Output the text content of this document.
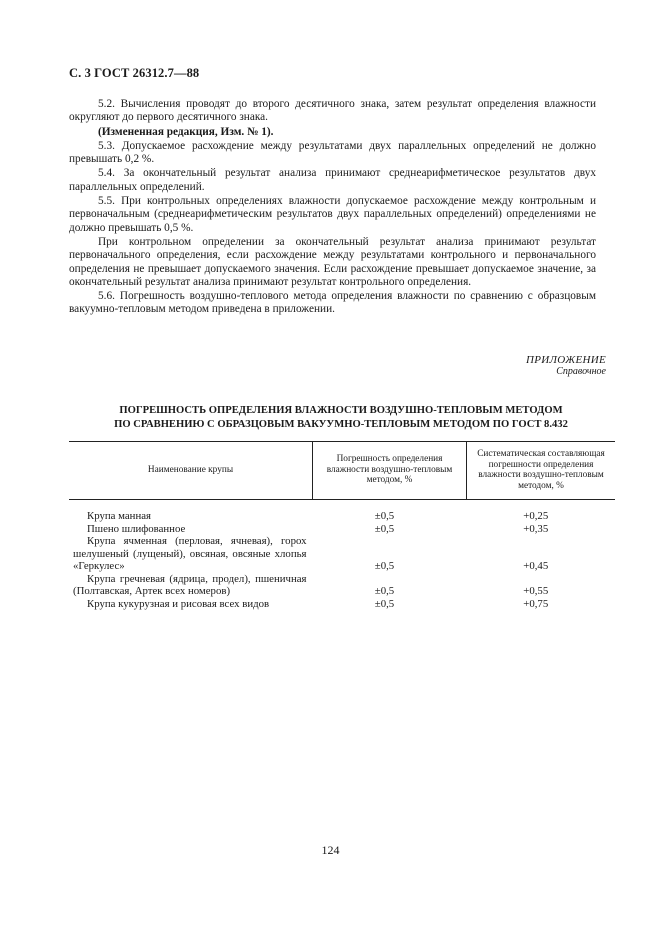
С. 3 ГОСТ 26312.7—88

5.2. Вычисления проводят до второго десятичного знака, затем результат определения влажности округляют до первого десятичного знака.

(Измененная редакция, Изм. № 1).

5.3. Допускаемое расхождение между результатами двух параллельных определений не должно превышать 0,2 %.

5.4. За окончательный результат анализа принимают среднеарифметическое результатов двух параллельных определений.

5.5. При контрольных определениях влажности допускаемое расхождение между контрольным и первоначальным (среднеарифметическим результатов двух параллельных определений) определениями не должно превышать 0,5 %.

При контрольном определении за окончательный результат анализа принимают результат первоначального определения, если расхождение между результатами контрольного и первоначального определения не превышает допускаемого значения. Если расхождение превышает допускаемое значение, за окончательный результат анализа принимают результат контрольного определения.

5.6. Погрешность воздушно-теплового метода определения влажности по сравнению с образцовым вакуумно-тепловым методом приведена в приложении.

ПРИЛОЖЕНИЕ
Справочное
ПОГРЕШНОСТЬ ОПРЕДЕЛЕНИЯ ВЛАЖНОСТИ ВОЗДУШНО-ТЕПЛОВЫМ МЕТОДОМ
ПО СРАВНЕНИЮ С ОБРАЗЦОВЫМ ВАКУУМНО-ТЕПЛОВЫМ МЕТОДОМ ПО ГОСТ 8.432
Наименование крупы	Погрешность определения влажности воздушно-тепловым методом, %	Систематическая составляющая погрешности определения влажности воздушно-тепловым методом, %

Крупа манная	±0,5	+0,25

Пшено шлифованное	±0,5	+0,35

Крупа ячменная (перловая, ячневая), горох шелушеный (лущеный), овсяная, овсяные хлопья «Геркулес»	±0,5	+0,45

Крупа гречневая (ядрица, продел), пшеничная (Полтавская, Артек всех номеров)	±0,5	+0,55

Крупа кукурузная и рисовая всех видов	±0,5	+0,75
124
